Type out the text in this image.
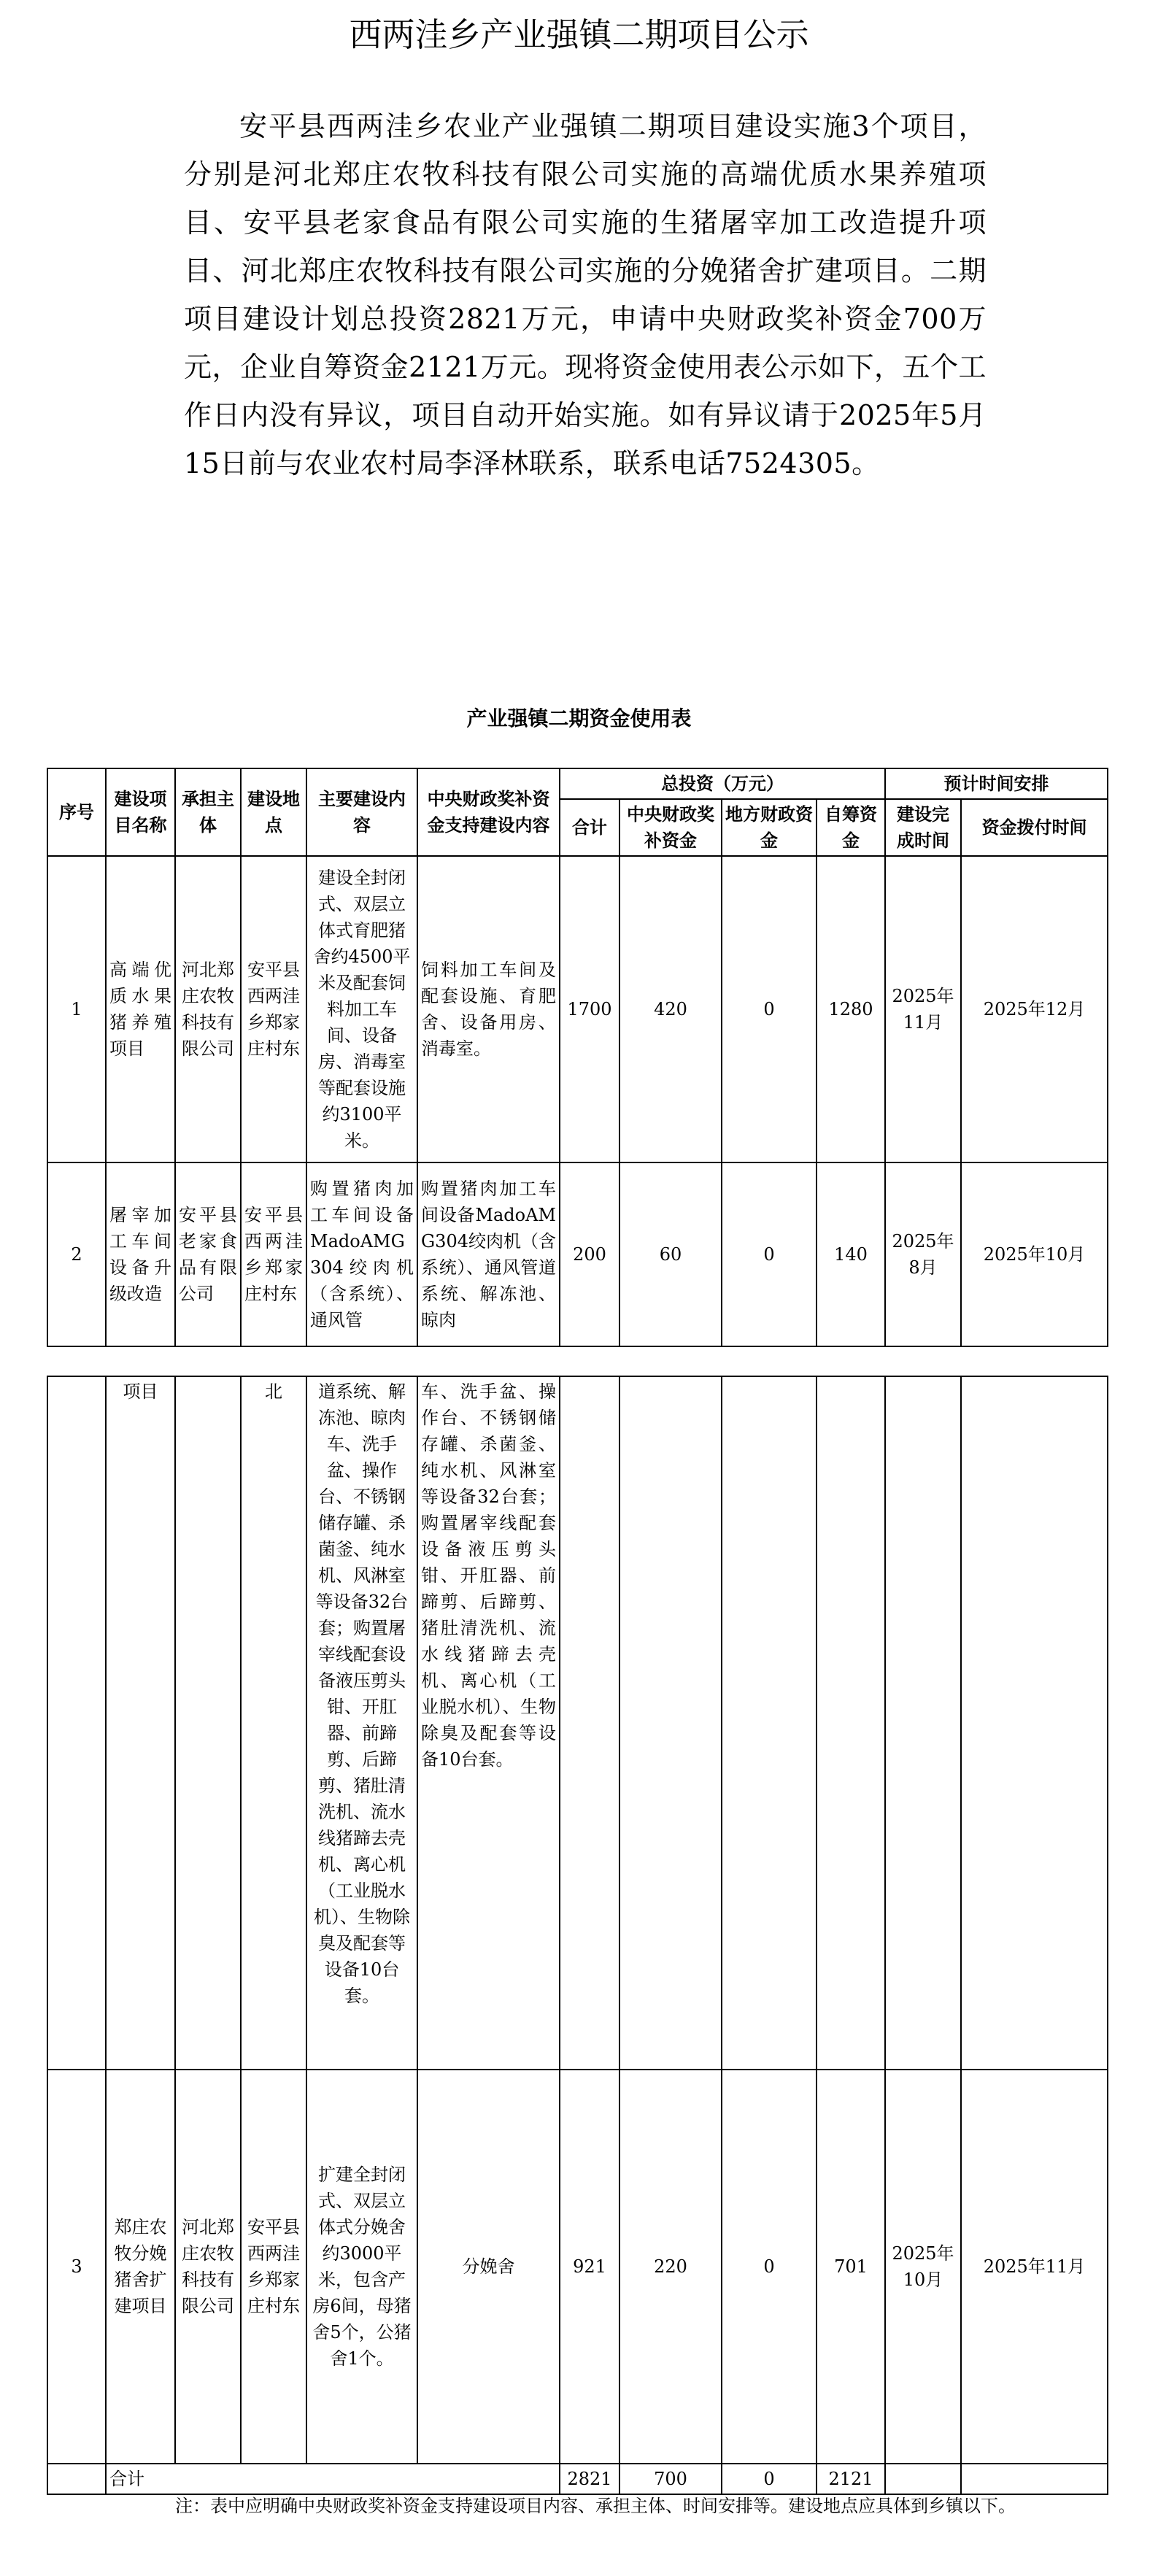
西两洼乡产业强镇二期项目公示

安平县西两洼乡农业产业强镇二期项目建设实施3个项目，分别是河北郑庄农牧科技有限公司实施的高端优质水果养殖项目、安平县老家食品有限公司实施的生猪屠宰加工改造提升项目、河北郑庄农牧科技有限公司实施的分娩猪舍扩建项目。二期项目建设计划总投资2821万元，申请中央财政奖补资金700万元，企业自筹资金2121万元。现将资金使用表公示如下，五个工作日内没有异议，项目自动开始实施。如有异议请于2025年5月15日前与农业农村局李泽林联系，联系电话7524305。

产业强镇二期资金使用表
序号	建设项目名称	承担主体	建设地点	主要建设内容	中央财政奖补资金支持建设内容	总投资（万元）				预计时间安排	
						合计	中央财政奖补资金	地方财政资金	自筹资金	建设完成时间	资金拨付时间
1	高端优质水果猪养殖项目	河北郑庄农牧科技有限公司	安平县西两洼乡郑家庄村东	建设全封闭式、双层立体式育肥猪舍约4500平米及配套饲料加工车间、设备房、消毒室等配套设施约3100平米。	饲料加工车间及配套设施、育肥舍、设备用房、消毒室。	1700	420	0	1280	2025年11月	2025年12月
2	屠宰加工车间设备升级改造	安平县老家食品有限公司	安平县西两洼乡郑家庄村东	购置猪肉加工车间设备MadoAMG304绞肉机（含系统）、通风管	购置猪肉加工车间设备MadoAMG304绞肉机（含系统）、通风管道系统、解冻池、晾肉	200	60	0	140	2025年8月	2025年10月
	项目		北	道系统、解冻池、晾肉车、洗手盆、操作台、不锈钢储存罐、杀菌釜、纯水机、风淋室等设备32台套；购置屠宰线配套设备液压剪头钳、开肛器、前蹄剪、后蹄剪、猪肚清洗机、流水线猪蹄去壳机、离心机（工业脱水机）、生物除臭及配套等设备10台套。	车、洗手盆、操作台、不锈钢储存罐、杀菌釜、纯水机、风淋室等设备32台套；购置屠宰线配套设备液压剪头钳、开肛器、前蹄剪、后蹄剪、猪肚清洗机、流水线猪蹄去壳机、离心机（工业脱水机）、生物除臭及配套等设备10台套。						
3	郑庄农牧分娩猪舍扩建项目	河北郑庄农牧科技有限公司	安平县西两洼乡郑家庄村东	扩建全封闭式、双层立体式分娩舍约3000平米，包含产房6间，母猪舍5个，公猪舍1个。	分娩舍	921	220	0	701	2025年10月	2025年11月
	合计					2821	700	0	2121		

注：表中应明确中央财政奖补资金支持建设项目内容、承担主体、时间安排等。建设地点应具体到乡镇以下。
